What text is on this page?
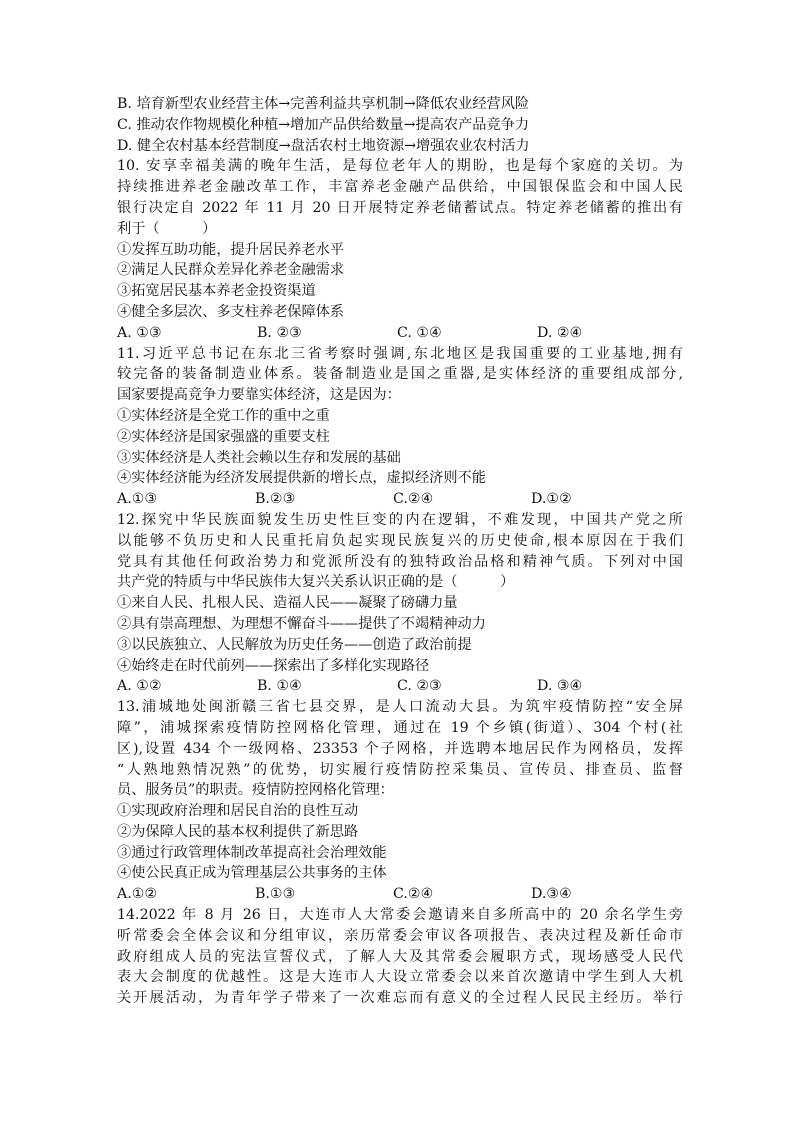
B. 培育新型农业经营主体→完善利益共享机制→降低农业经营风险
C. 推动农作物规模化种植→增加产品供给数量→提高农产品竞争力
D. 健全农村基本经营制度→盘活农村土地资源→增强农业农村活力
10. 安享幸福美满的晚年生活，是每位老年人的期盼，也是每个家庭的关切。为
持续推进养老金融改革工作，丰富养老金融产品供给，中国银保监会和中国人民
银行决定自 2022 年 11 月 20 日开展特定养老储蓄试点。特定养老储蓄的推出有
利于（　　　）
①发挥互助功能，提升居民养老水平
②满足人民群众差异化养老金融需求
③拓宽居民基本养老金投资渠道
④健全多层次、多支柱养老保障体系
A. ①③	B. ②③	C. ①④	D. ②④
11.习近平总书记在东北三省考察时强调,东北地区是我国重要的工业基地,拥有
较完备的装备制造业体系。装备制造业是国之重器,是实体经济的重要组成部分,
国家要提高竞争力要靠实体经济，这是因为：
①实体经济是全党工作的重中之重
②实体经济是国家强盛的重要支柱
③实体经济是人类社会赖以生存和发展的基础
④实体经济能为经济发展提供新的增长点，虚拟经济则不能
A.①③	B.②③	C.②④	D.①②
12.探究中华民族面貌发生历史性巨变的内在逻辑，不难发现，中国共产党之所
以能够不负历史和人民重托肩负起实现民族复兴的历史使命,根本原因在于我们
党具有其他任何政治势力和党派所没有的独特政治品格和精神气质。下列对中国
共产党的特质与中华民族伟大复兴关系认识正确的是（　　　）
①来自人民、扎根人民、造福人民——凝聚了磅礴力量
②具有崇高理想、为理想不懈奋斗——提供了不竭精神动力
③以民族独立、人民解放为历史任务——创造了政治前提
④始终走在时代前列——探索出了多样化实现路径
A. ①②	B. ①④	C. ②③	D. ③④
13.浦城地处闽浙赣三省七县交界，是人口流动大县。为筑牢疫情防控“安全屏
障”，浦城探索疫情防控网格化管理，通过在 19 个乡镇(街道）、304 个村(社
区),设置 434 个一级网格、23353 个子网格，并选聘本地居民作为网格员，发挥
“人熟地熟情况熟”的优势，切实履行疫情防控采集员、宣传员、排查员、监督
员、服务员”的职责。疫情防控网格化管理：
①实现政府治理和居民自治的良性互动
②为保障人民的基本权利提供了新思路
③通过行政管理体制改革提高社会治理效能
④使公民真正成为管理基层公共事务的主体
A.①②	B.①③	C.②④	D.③④
14.2022 年 8 月 26 日，大连市人大常委会邀请来自多所高中的 20 余名学生旁
听常委会全体会议和分组审议，亲历常委会审议各项报告、表决过程及新任命市
政府组成人员的宪法宣誓仪式，了解人大及其常委会履职方式，现场感受人民代
表大会制度的优越性。这是大连市人大设立常委会以来首次邀请中学生到人大机
关开展活动，为青年学子带来了一次难忘而有意义的全过程人民民主经历。举行
